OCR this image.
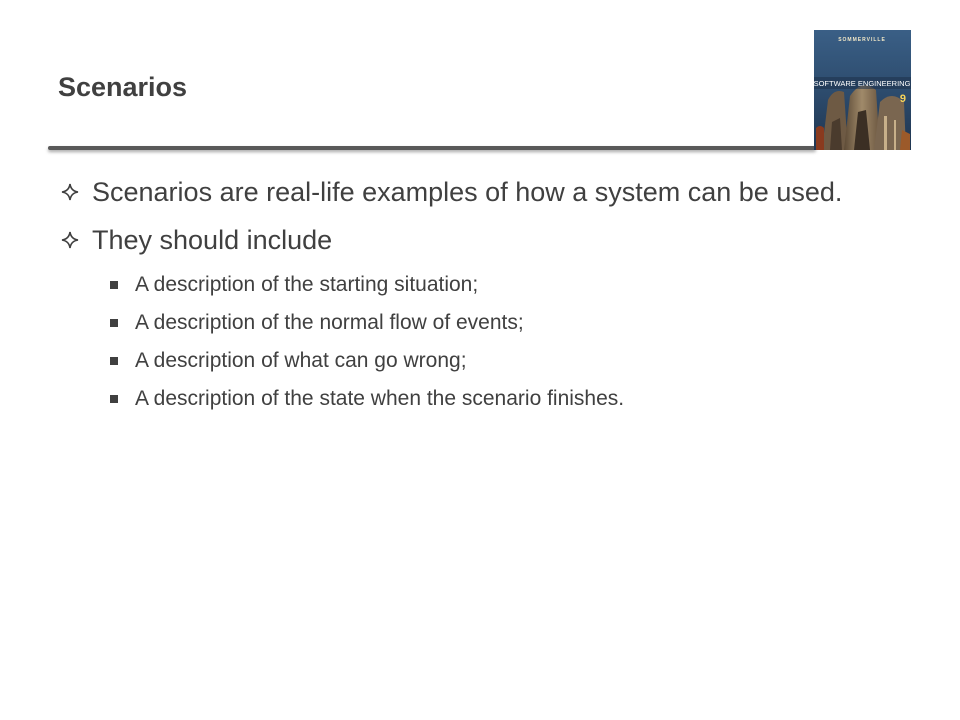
Scenarios
SOMMERVILLE
SOFTWARE ENGINEERING
9

Scenarios are real-life examples of how a system can be used.

They should include

A description of the starting situation;

A description of the normal flow of events;

A description of what can go wrong;

A description of the state when the scenario finishes.
